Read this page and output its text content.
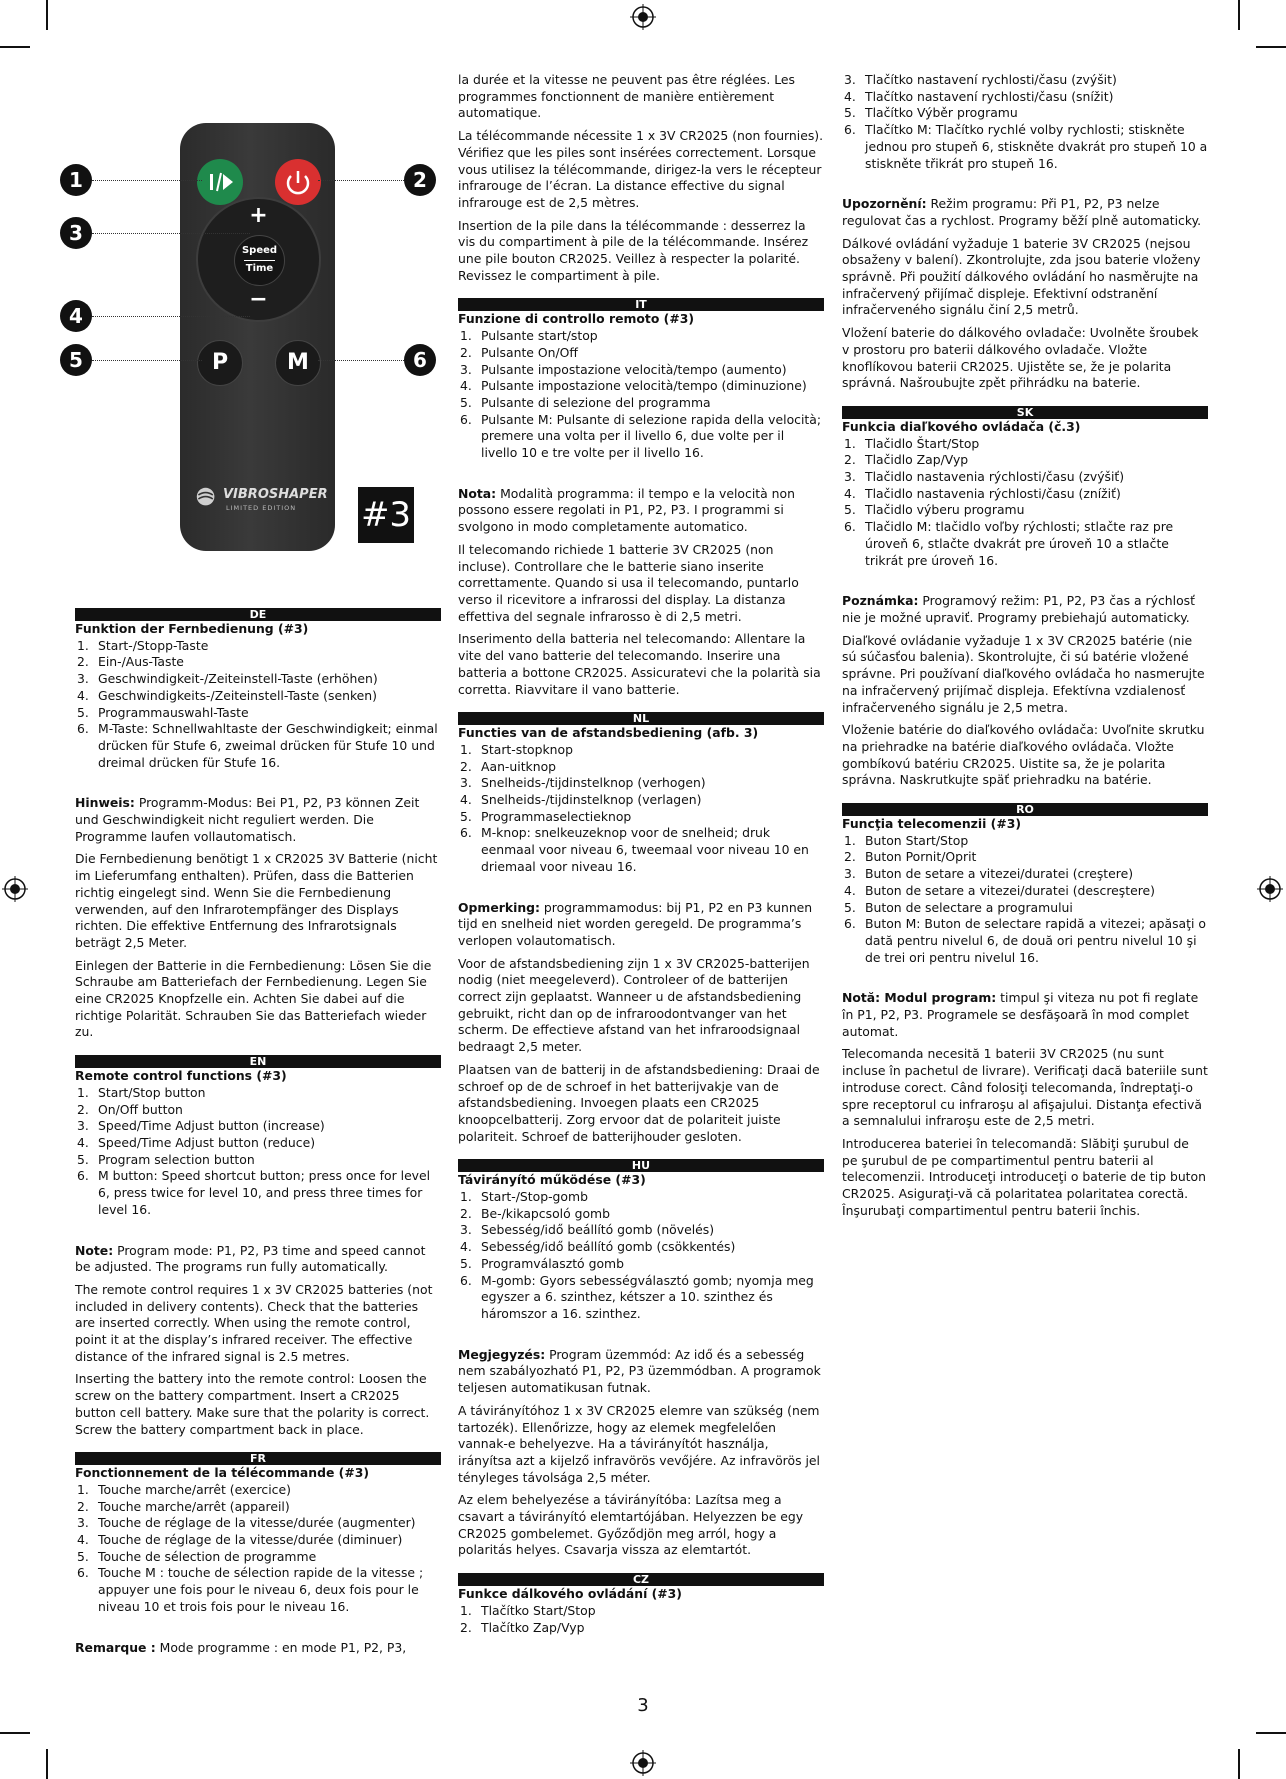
+
Speed
Time
−
P	M
VIBROSHAPER
LIMITED EDITION
1	2
3
4
5	6
#3
DE
Funktion der Fernbedienung (#3)
1. Start-/Stopp-Taste
2. Ein-/Aus-Taste
3. Geschwindigkeit-/Zeiteinstell-Taste (erhöhen)
4. Geschwindigkeits-/Zeiteinstell-Taste (senken)
5. Programmauswahl-Taste
6. M-Taste: Schnellwahltaste der Geschwindigkeit; einmal drücken für Stufe 6, zweimal drücken für Stufe 10 und dreimal drücken für Stufe 16.

Hinweis: Programm-Modus: Bei P1, P2, P3 können Zeit und Geschwindigkeit nicht reguliert werden. Die Programme laufen vollautomatisch.

Die Fernbedienung benötigt 1 x CR2025 3V Batterie (nicht im Lieferumfang enthalten). Prüfen, dass die Batterien richtig eingelegt sind. Wenn Sie die Fernbedienung verwenden, auf den Infrarotempfänger des Displays richten. Die effektive Entfernung des Infrarotsignals beträgt 2,5 Meter.

Einlegen der Batterie in die Fernbedienung: Lösen Sie die Schraube am Batteriefach der Fernbedienung. Legen Sie eine CR2025 Knopfzelle ein. Achten Sie dabei auf die richtige Polarität. Schrauben Sie das Batteriefach wieder zu.

EN
Remote control functions (#3)
1. Start/Stop button
2. On/Off button
3. Speed/Time Adjust button (increase)
4. Speed/Time Adjust button (reduce)
5. Program selection button
6. M button: Speed shortcut button; press once for level 6, press twice for level 10, and press three times for level 16.

Note: Program mode: P1, P2, P3 time and speed cannot be adjusted. The programs run fully automatically.

The remote control requires 1 x 3V CR2025 batteries (not included in delivery contents). Check that the batteries are inserted correctly. When using the remote control, point it at the display’s infrared receiver. The effective distance of the infrared signal is 2.5 metres.

Inserting the battery into the remote control: Loosen the screw on the battery compartment. Insert a CR2025 button cell battery. Make sure that the polarity is correct. Screw the battery compartment back in place.

FR
Fonctionnement de la télécommande (#3)
1. Touche marche/arrêt (exercice)
2. Touche marche/arrêt (appareil)
3. Touche de réglage de la vitesse/durée (augmenter)
4. Touche de réglage de la vitesse/durée (diminuer)
5. Touche de sélection de programme
6. Touche M : touche de sélection rapide de la vitesse ; appuyer une fois pour le niveau 6, deux fois pour le niveau 10 et trois fois pour le niveau 16.

Remarque : Mode programme : en mode P1, P2, P3,

la durée et la vitesse ne peuvent pas être réglées. Les programmes fonctionnent de manière entièrement automatique.

La télécommande nécessite 1 x 3V CR2025 (non fournies). Vérifiez que les piles sont insérées correctement. Lorsque vous utilisez la télécommande, dirigez-la vers le récepteur infrarouge de l’écran. La distance effective du signal infrarouge est de 2,5 mètres.

Insertion de la pile dans la télécommande : desserrez la vis du compartiment à pile de la télécommande. Insérez une pile bouton CR2025. Veillez à respecter la polarité. Revissez le compartiment à pile.

IT
Funzione di controllo remoto (#3)
1. Pulsante start/stop
2. Pulsante On/Off
3. Pulsante impostazione velocità/tempo (aumento)
4. Pulsante impostazione velocità/tempo (diminuzione)
5. Pulsante di selezione del programma
6. Pulsante M: Pulsante di selezione rapida della velocità; premere una volta per il livello 6, due volte per il livello 10 e tre volte per il livello 16.

Nota: Modalità programma: il tempo e la velocità non possono essere regolati in P1, P2, P3. I programmi si svolgono in modo completamente automatico.

Il telecomando richiede 1 batterie 3V CR2025 (non incluse). Controllare che le batterie siano inserite correttamente. Quando si usa il telecomando, puntarlo verso il ricevitore a infrarossi del display. La distanza effettiva del segnale infrarosso è di 2,5 metri.

Inserimento della batteria nel telecomando: Allentare la vite del vano batterie del telecomando. Inserire una batteria a bottone CR2025. Assicuratevi che la polarità sia corretta. Riavvitare il vano batterie.

NL
Functies van de afstandsbediening (afb. 3)
1. Start-stopknop
2. Aan-uitknop
3. Snelheids-/tijdinstelknop (verhogen)
4. Snelheids-/tijdinstelknop (verlagen)
5. Programmaselectieknop
6. M-knop: snelkeuzeknop voor de snelheid; druk eenmaal voor niveau 6, tweemaal voor niveau 10 en driemaal voor niveau 16.

Opmerking: programmamodus: bij P1, P2 en P3 kunnen tijd en snelheid niet worden geregeld. De programma’s verlopen volautomatisch.

Voor de afstandsbediening zijn 1 x 3V CR2025-batterijen nodig (niet meegeleverd). Controleer of de batterijen correct zijn geplaatst. Wanneer u de afstandsbediening gebruikt, richt dan op de infraroodontvanger van het scherm. De effectieve afstand van het infraroodsignaal bedraagt 2,5 meter.

Plaatsen van de batterij in de afstandsbediening: Draai de schroef op de de schroef in het batterijvakje van de afstandsbediening. Invoegen plaats een CR2025 knoopcelbatterij. Zorg ervoor dat de polariteit juiste polariteit. Schroef de batterijhouder gesloten.

HU
Távirányító működése (#3)
1. Start-/Stop-gomb
2. Be-/kikapcsoló gomb
3. Sebesség/idő beállító gomb (növelés)
4. Sebesség/idő beállító gomb (csökkentés)
5. Programválasztó gomb
6. M-gomb: Gyors sebességválasztó gomb; nyomja meg egyszer a 6. szinthez, kétszer a 10. szinthez és háromszor a 16. szinthez.

Megjegyzés: Program üzemmód: Az idő és a sebesség nem szabályozható P1, P2, P3 üzemmódban. A programok teljesen automatikusan futnak.

A távirányítóhoz 1 x 3V CR2025 elemre van szükség (nem tartozék). Ellenőrizze, hogy az elemek megfelelően vannak-e behelyezve. Ha a távirányítót használja, irányítsa azt a kijelző infravörös vevőjére. Az infravörös jel tényleges távolsága 2,5 méter.

Az elem behelyezése a távirányítóba: Lazítsa meg a csavart a távirányító elemtartójában. Helyezzen be egy CR2025 gombelemet. Győződjön meg arról, hogy a polaritás helyes. Csavarja vissza az elemtartót.

CZ
Funkce dálkového ovládání (#3)
1. Tlačítko Start/Stop
2. Tlačítko Zap/Vyp
3. Tlačítko nastavení rychlosti/času (zvýšit)
4. Tlačítko nastavení rychlosti/času (snížit)
5. Tlačítko Výběr programu
6. Tlačítko M: Tlačítko rychlé volby rychlosti; stiskněte jednou pro stupeň 6, stiskněte dvakrát pro stupeň 10 a stiskněte třikrát pro stupeň 16.

Upozornění: Režim programu: Při P1, P2, P3 nelze regulovat čas a rychlost. Programy běží plně automaticky.

Dálkové ovládání vyžaduje 1 baterie 3V CR2025 (nejsou obsaženy v balení). Zkontrolujte, zda jsou baterie vloženy správně. Při použití dálkového ovládání ho nasměrujte na infračervený přijímač displeje. Efektivní odstranění infračerveného signálu činí 2,5 metrů.

Vložení baterie do dálkového ovladače: Uvolněte šroubek v prostoru pro baterii dálkového ovladače. Vložte knoflíkovou baterii CR2025. Ujistěte se, že je polarita správná. Našroubujte zpět přihrádku na baterie.

SK
Funkcia diaľkového ovládača (č.3)
1. Tlačidlo Štart/Stop
2. Tlačidlo Zap/Vyp
3. Tlačidlo nastavenia rýchlosti/času (zvýšiť)
4. Tlačidlo nastavenia rýchlosti/času (znížiť)
5. Tlačidlo výberu programu
6. Tlačidlo M: tlačidlo voľby rýchlosti; stlačte raz pre úroveň 6, stlačte dvakrát pre úroveň 10 a stlačte trikrát pre úroveň 16.

Poznámka: Programový režim: P1, P2, P3 čas a rýchlosť nie je možné upraviť. Programy prebiehajú automaticky.

Diaľkové ovládanie vyžaduje 1 x 3V CR2025 batérie (nie sú súčasťou balenia). Skontrolujte, či sú batérie vložené správne. Pri používaní diaľkového ovládača ho nasmerujte na infračervený prijímač displeja. Efektívna vzdialenosť infračerveného signálu je 2,5 metra.

Vloženie batérie do diaľkového ovládača: Uvoľnite skrutku na priehradke na batérie diaľkového ovládača. Vložte gombíkovú batériu CR2025. Uistite sa, že je polarita správna. Naskrutkujte späť priehradku na batérie.

RO
Funcţia telecomenzii (#3)
1. Buton Start/Stop
2. Buton Pornit/Oprit
3. Buton de setare a vitezei/duratei (creştere)
4. Buton de setare a vitezei/duratei (descreştere)
5. Buton de selectare a programului
6. Buton M: Buton de selectare rapidă a vitezei; apăsaţi o dată pentru nivelul 6, de două ori pentru nivelul 10 şi de trei ori pentru nivelul 16.

Notă: Modul program: timpul şi viteza nu pot fi reglate în P1, P2, P3. Programele se desfăşoară în mod complet automat.

Telecomanda necesită 1 baterii 3V CR2025 (nu sunt incluse în pachetul de livrare). Verificaţi dacă bateriile sunt introduse corect. Când folosiţi telecomanda, îndreptaţi-o spre receptorul cu infraroşu al afişajului. Distanţa efectivă a semnalului infraroşu este de 2,5 metri.

Introducerea bateriei în telecomandă: Slăbiţi şurubul de pe şurubul de pe compartimentul pentru baterii al telecomenzii. Introduceţi introduceţi o baterie de tip buton CR2025. Asiguraţi-vă că polaritatea polaritatea corectă. Înşurubaţi compartimentul pentru baterii închis.

3
